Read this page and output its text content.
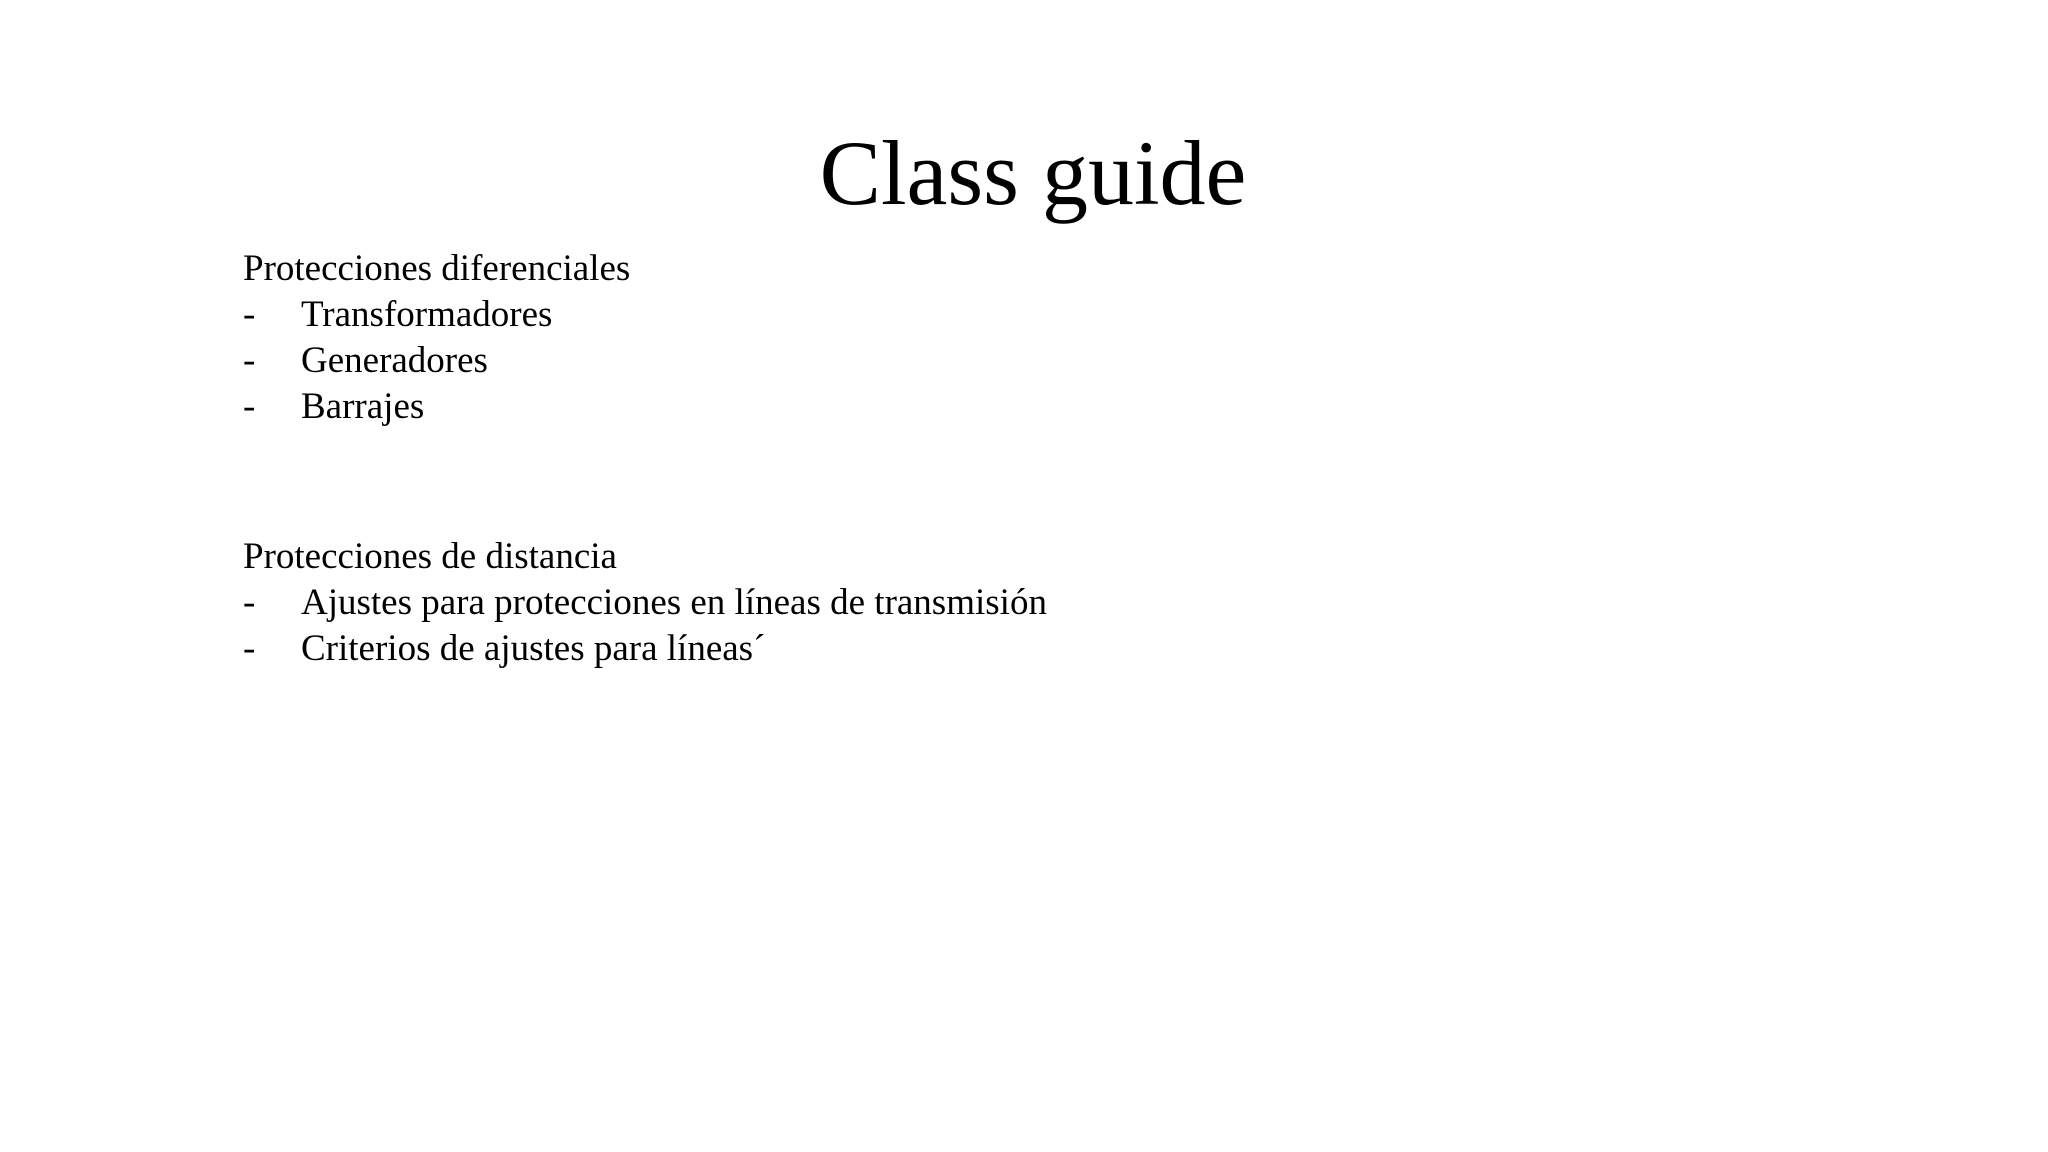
Class guide

Protecciones diferenciales

-	Transformadores
-	Generadores
-	Barrajes

Protecciones de distancia

-	Ajustes para protecciones en líneas de transmisión
-	Criterios de ajustes para líneas´
